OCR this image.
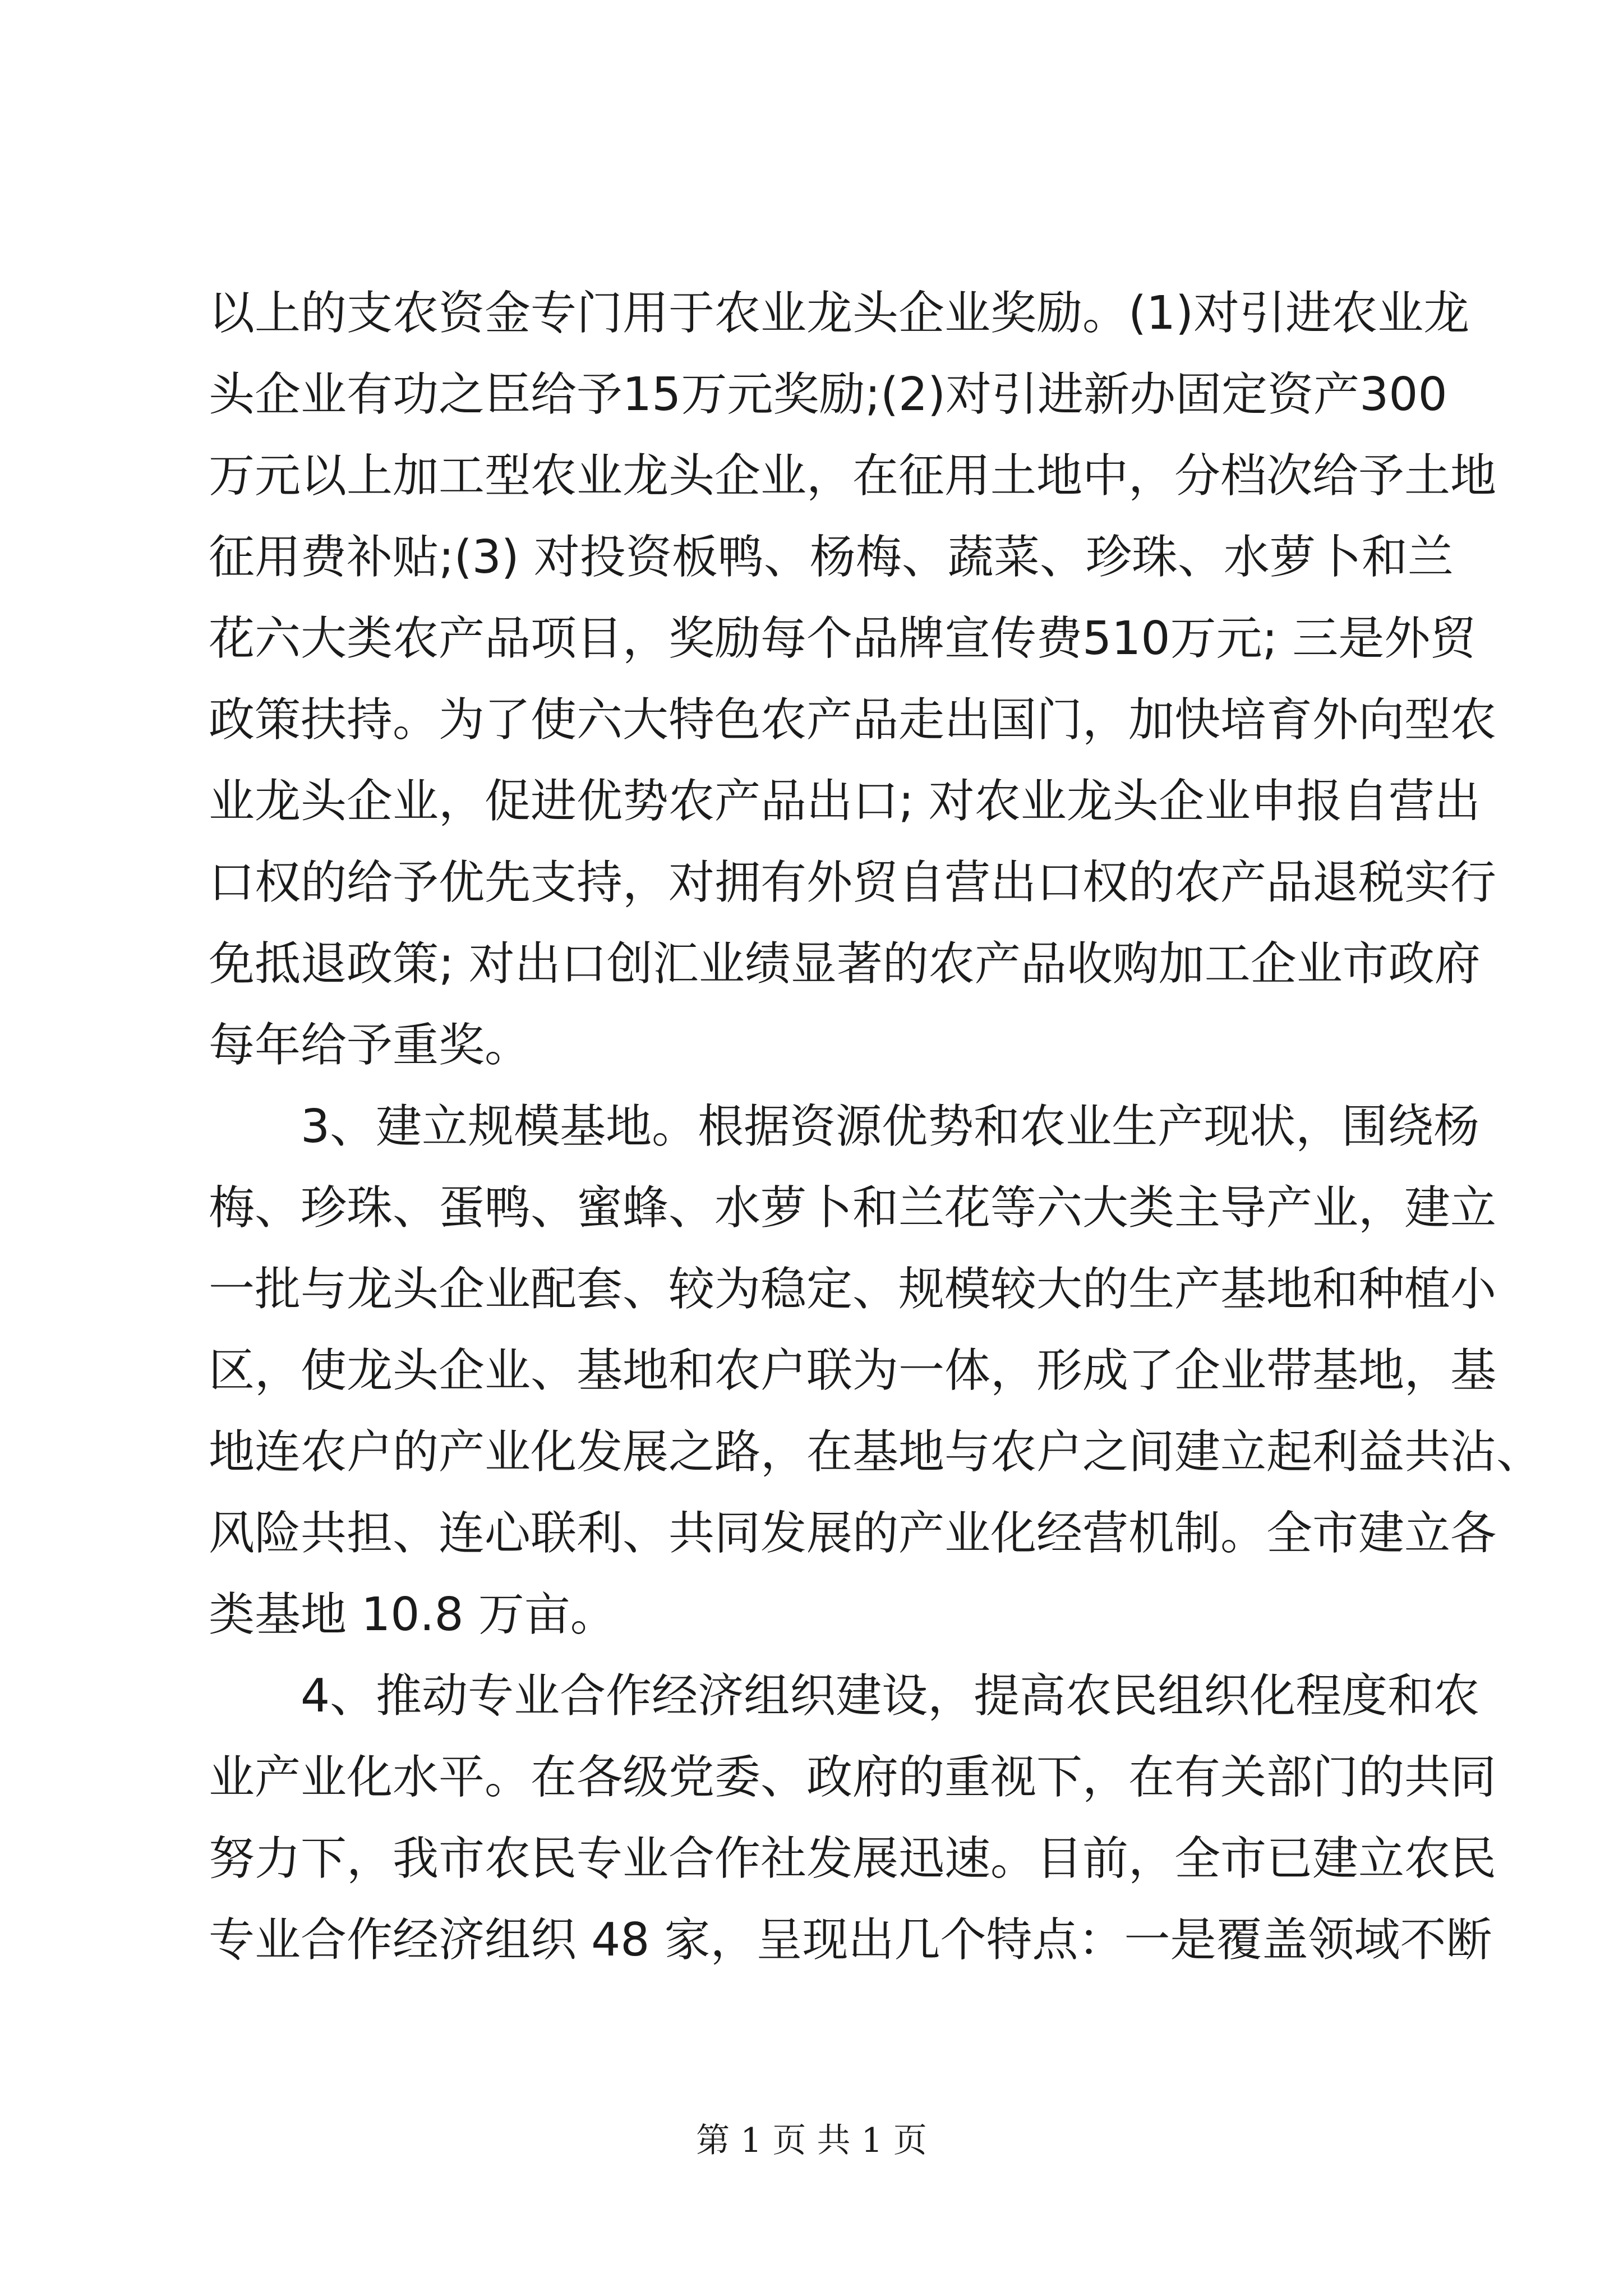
以上的支农资金专门用于农业龙头企业奖励。(1)对引进农业龙
头企业有功之臣给予15万元奖励;(2)对引进新办固定资产300
万元以上加工型农业龙头企业，在征用土地中，分档次给予土地
征用费补贴;(3) 对投资板鸭、杨梅、蔬菜、珍珠、水萝卜和兰
花六大类农产品项目，奖励每个品牌宣传费510万元; 三是外贸
政策扶持。为了使六大特色农产品走出国门，加快培育外向型农
业龙头企业，促进优势农产品出口; 对农业龙头企业申报自营出
口权的给予优先支持，对拥有外贸自营出口权的农产品退税实行
免抵退政策; 对出口创汇业绩显著的农产品收购加工企业市政府
每年给予重奖。
　　3、建立规模基地。根据资源优势和农业生产现状，围绕杨
梅、珍珠、蛋鸭、蜜蜂、水萝卜和兰花等六大类主导产业，建立
一批与龙头企业配套、较为稳定、规模较大的生产基地和种植小
区，使龙头企业、基地和农户联为一体，形成了企业带基地，基
地连农户的产业化发展之路，在基地与农户之间建立起利益共沾、
风险共担、连心联利、共同发展的产业化经营机制。全市建立各
类基地 10.8 万亩。
　　4、推动专业合作经济组织建设，提高农民组织化程度和农
业产业化水平。在各级党委、政府的重视下，在有关部门的共同
努力下，我市农民专业合作社发展迅速。目前，全市已建立农民
专业合作经济组织 48 家，呈现出几个特点：一是覆盖领域不断
第 1 页 共 1 页
